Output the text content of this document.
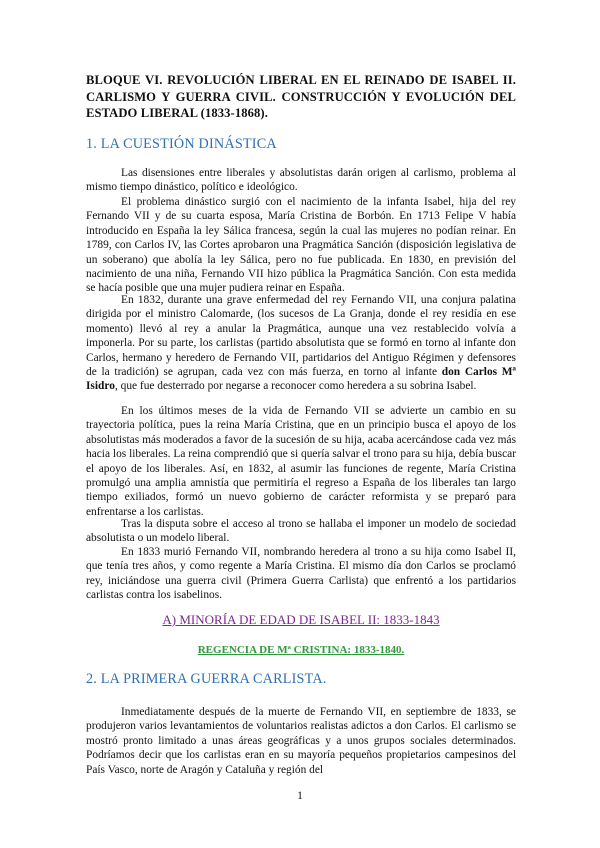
BLOQUE VI. REVOLUCIÓN LIBERAL EN EL REINADO DE ISABEL II. CARLISMO Y GUERRA CIVIL. CONSTRUCCIÓN Y EVOLUCIÓN DEL ESTADO LIBERAL (1833-1868).
1. LA CUESTIÓN DINÁSTICA

Las disensiones entre liberales y absolutistas darán origen al carlismo, problema al mismo tiempo dinástico, político e ideológico.

El problema dinástico surgió con el nacimiento de la infanta Isabel, hija del rey Fernando VII y de su cuarta esposa, María Cristina de Borbón. En 1713 Felipe V había introducido en España la ley Sálica francesa, según la cual las mujeres no podían reinar. En 1789, con Carlos IV, las Cortes aprobaron una Pragmática Sanción (disposición legislativa de un soberano) que abolía la ley Sálica, pero no fue publicada. En 1830, en previsión del nacimiento de una niña, Fernando VII hizo pública la Pragmática Sanción. Con esta medida se hacía posible que una mujer pudiera reinar en España.

En 1832, durante una grave enfermedad del rey Fernando VII, una conjura palatina dirigida por el ministro Calomarde, (los sucesos de La Granja, donde el rey residía en ese momento) llevó al rey a anular la Pragmática, aunque una vez restablecido volvía a imponerla. Por su parte, los carlistas (partido absolutista que se formó en torno al infante don Carlos, hermano y heredero de Fernando VII, partidarios del Antiguo Régimen y defensores de la tradición) se agrupan, cada vez con más fuerza, en torno al infante don Carlos Mª Isidro, que fue desterrado por negarse a reconocer como heredera a su sobrina Isabel.

En los últimos meses de la vida de Fernando VII se advierte un cambio en su trayectoria política, pues la reina María Cristina, que en un principio busca el apoyo de los absolutistas más moderados a favor de la sucesión de su hija, acaba acercándose cada vez más hacia los liberales. La reina comprendió que si quería salvar el trono para su hija, debía buscar el apoyo de los liberales. Así, en 1832, al asumir las funciones de regente, María Cristina promulgó una amplia amnistía que permitiría el regreso a España de los liberales tan largo tiempo exiliados, formó un nuevo gobierno de carácter reformista y se preparó para enfrentarse a los carlistas.

Tras la disputa sobre el acceso al trono se hallaba el imponer un modelo de sociedad absolutista o un modelo liberal.

En 1833 murió Fernando VII, nombrando heredera al trono a su hija como Isabel II, que tenía tres años, y como regente a María Cristina. El mismo día don Carlos se proclamó rey, iniciándose una guerra civil (Primera Guerra Carlista) que enfrentó a los partidarios carlistas contra los isabelinos.

A) MINORÍA DE EDAD DE ISABEL II: 1833-1843
REGENCIA DE Mª CRISTINA: 1833-1840.
2. LA PRIMERA GUERRA CARLISTA.

Inmediatamente después de la muerte de Fernando VII, en septiembre de 1833, se produjeron varios levantamientos de voluntarios realistas adictos a don Carlos. El carlismo se mostró pronto limitado a unas áreas geográficas y a unos grupos sociales determinados. Podríamos decir que los carlistas eran en su mayoría pequeños propietarios campesinos del País Vasco, norte de Aragón y Cataluña y región del

1
